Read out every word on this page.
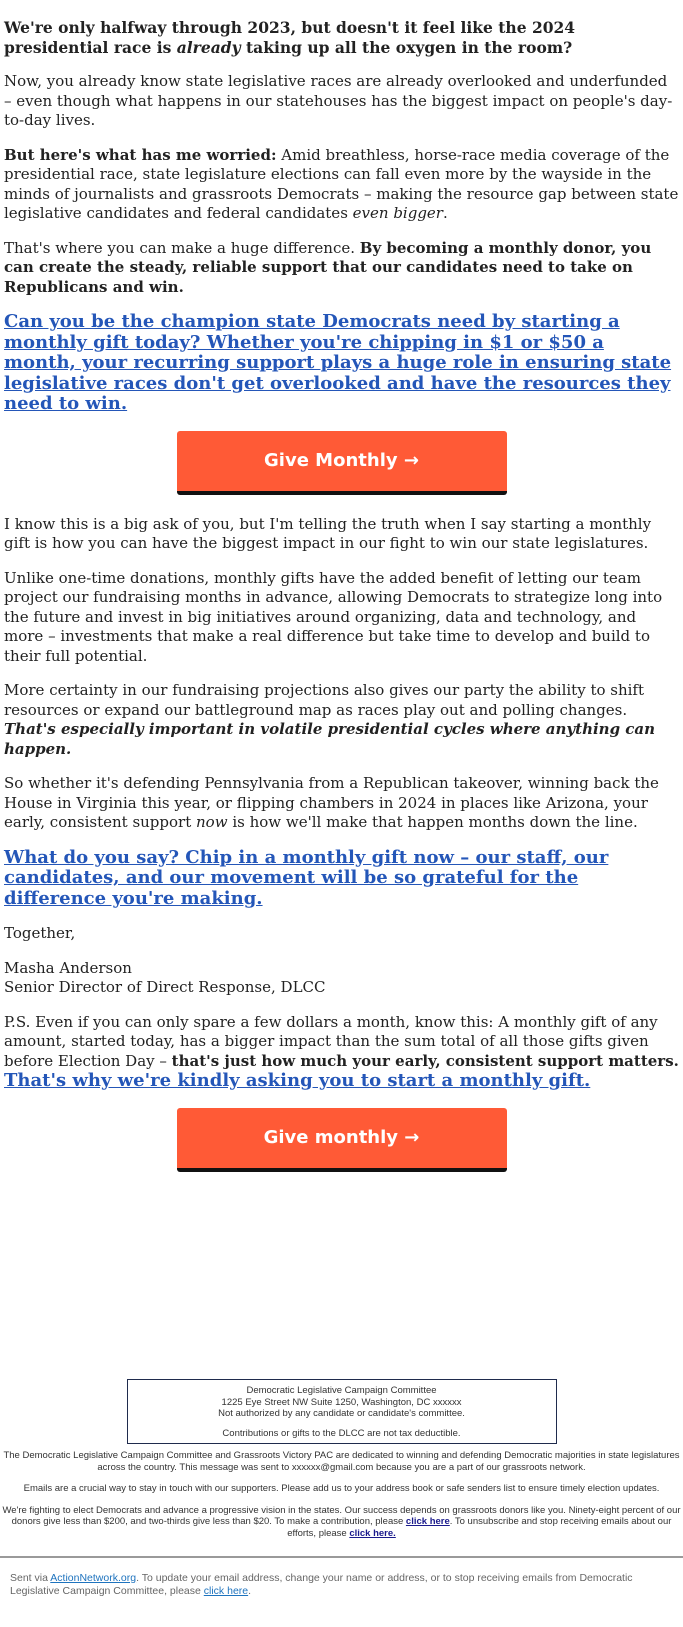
We're only halfway through 2023, but doesn't it feel like the 2024 presidential race is already taking up all the oxygen in the room?

Now, you already know state legislative races are already overlooked and underfunded – even though what happens in our statehouses has the biggest impact on people's day-to-day lives.

But here's what has me worried: Amid breathless, horse-race media coverage of the presidential race, state legislature elections can fall even more by the wayside in the minds of journalists and grassroots Democrats – making the resource gap between state legislative candidates and federal candidates even bigger.

That's where you can make a huge difference. By becoming a monthly donor, you can create the steady, reliable support that our candidates need to take on Republicans and win.

Can you be the champion state Democrats need by starting a monthly gift today? Whether you're chipping in $1 or $50 a month, your recurring support plays a huge role in ensuring state legislative races don't get overlooked and have the resources they need to win.

Give Monthly →

I know this is a big ask of you, but I'm telling the truth when I say starting a monthly gift is how you can have the biggest impact in our fight to win our state legislatures.

Unlike one-time donations, monthly gifts have the added benefit of letting our team project our fundraising months in advance, allowing Democrats to strategize long into the future and invest in big initiatives around organizing, data and technology, and more – investments that make a real difference but take time to develop and build to their full potential.

More certainty in our fundraising projections also gives our party the ability to shift resources or expand our battleground map as races play out and polling changes. That's especially important in volatile presidential cycles where anything can happen.

So whether it's defending Pennsylvania from a Republican takeover, winning back the House in Virginia this year, or flipping chambers in 2024 in places like Arizona, your early, consistent support now is how we'll make that happen months down the line.

What do you say? Chip in a monthly gift now – our staff, our candidates, and our movement will be so grateful for the difference you're making.

Together,

Masha Anderson
Senior Director of Direct Response, DLCC

P.S. Even if you can only spare a few dollars a month, know this: A monthly gift of any amount, started today, has a bigger impact than the sum total of all those gifts given before Election Day – that's just how much your early, consistent support matters. That's why we're kindly asking you to start a monthly gift.

Give monthly →
Democratic Legislative Campaign Committee
1225 Eye Street NW Suite 1250, Washington, DC xxxxxx
Not authorized by any candidate or candidate's committee.
Contributions or gifts to the DLCC are not tax deductible.

The Democratic Legislative Campaign Committee and Grassroots Victory PAC are dedicated to winning and defending Democratic majorities in state legislatures across the country. This message was sent to xxxxxx@gmail.com because you are a part of our grassroots network.

Emails are a crucial way to stay in touch with our supporters. Please add us to your address book or safe senders list to ensure timely election updates.

We're fighting to elect Democrats and advance a progressive vision in the states. Our success depends on grassroots donors like you. Ninety-eight percent of our donors give less than $200, and two-thirds give less than $20. To make a contribution, please click here. To unsubscribe and stop receiving emails about our efforts, please click here.

Sent via ActionNetwork.org. To update your email address, change your name or address, or to stop receiving emails from Democratic Legislative Campaign Committee, please click here.
